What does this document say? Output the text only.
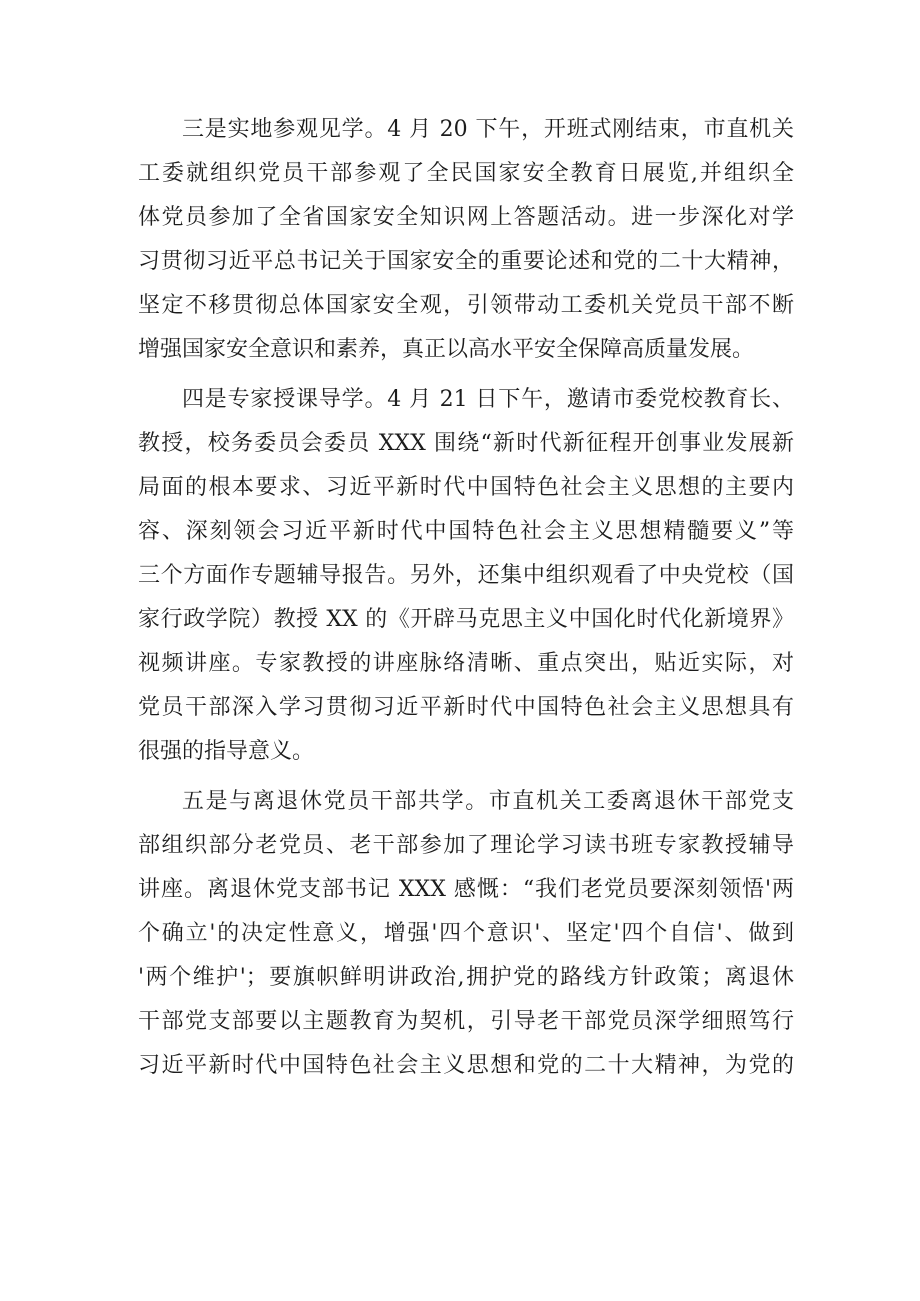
三是实地参观见学。4 月 20 下午，开班式刚结束，市直机关
工委就组织党员干部参观了全民国家安全教育日展览,并组织全
体党员参加了全省国家安全知识网上答题活动。进一步深化对学
习贯彻习近平总书记关于国家安全的重要论述和党的二十大精神，
坚定不移贯彻总体国家安全观，引领带动工委机关党员干部不断
增强国家安全意识和素养，真正以高水平安全保障高质量发展。

四是专家授课导学。4 月 21 日下午，邀请市委党校教育长、
教授，校务委员会委员 XXX 围绕“新时代新征程开创事业发展新
局面的根本要求、习近平新时代中国特色社会主义思想的主要内
容、深刻领会习近平新时代中国特色社会主义思想精髓要义”等
三个方面作专题辅导报告。另外，还集中组织观看了中央党校（国
家行政学院）教授 XX 的《开辟马克思主义中国化时代化新境界》
视频讲座。专家教授的讲座脉络清晰、重点突出，贴近实际，对
党员干部深入学习贯彻习近平新时代中国特色社会主义思想具有
很强的指导意义。

五是与离退休党员干部共学。市直机关工委离退休干部党支
部组织部分老党员、老干部参加了理论学习读书班专家教授辅导
讲座。离退休党支部书记 XXX 感慨：“我们老党员要深刻领悟'两
个确立'的决定性意义，增强'四个意识'、坚定'四个自信'、做到
'两个维护'；要旗帜鲜明讲政治,拥护党的路线方针政策；离退休
干部党支部要以主题教育为契机，引导老干部党员深学细照笃行
习近平新时代中国特色社会主义思想和党的二十大精神，为党的
